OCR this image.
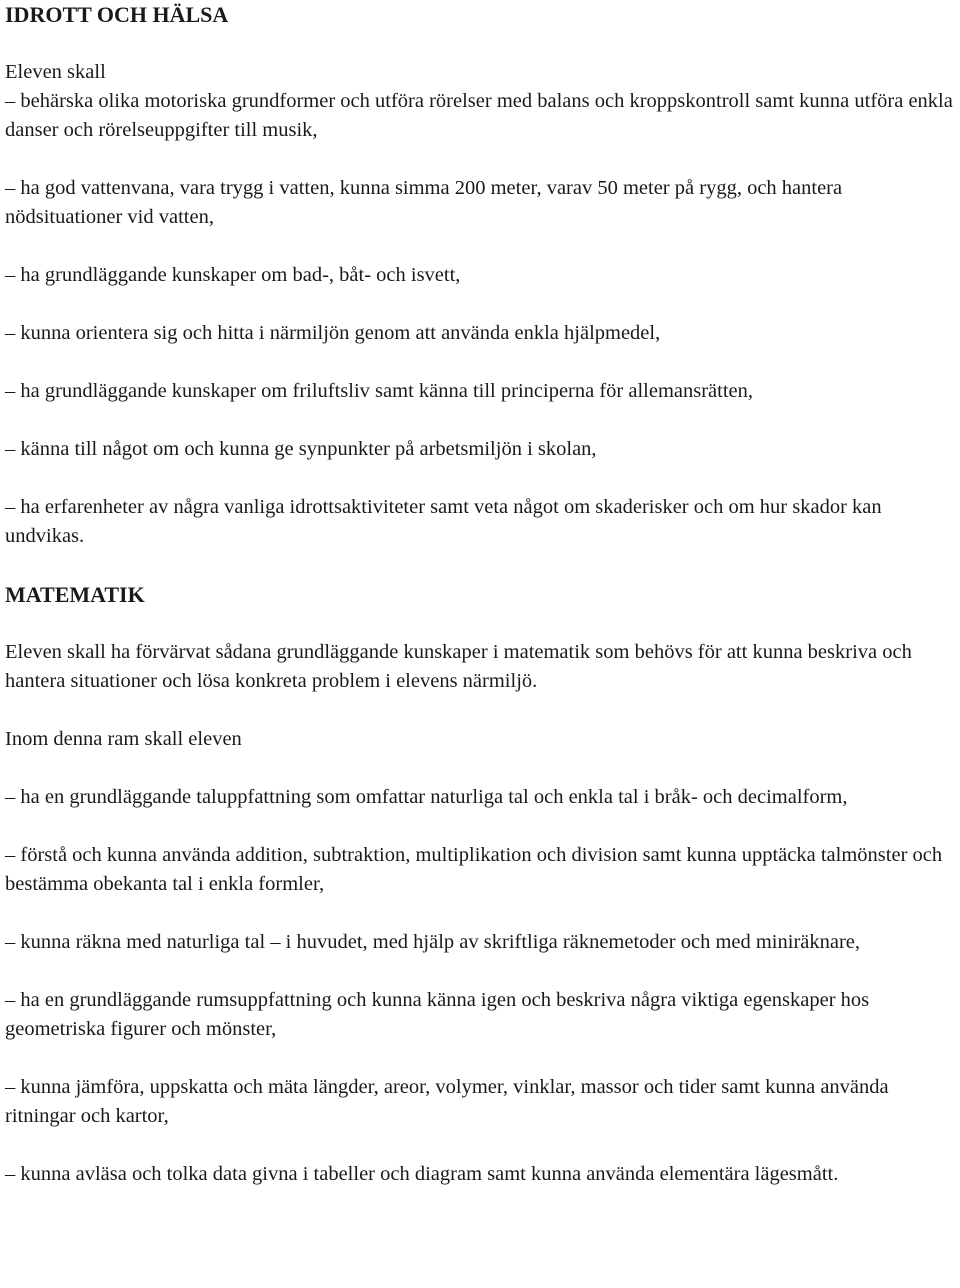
IDROTT OCH HÄLSA

Eleven skall

– behärska olika motoriska grundformer och utföra rörelser med balans och kroppskontroll samt kunna utföra enkla danser och rörelseuppgifter till musik,

– ha god vattenvana, vara trygg i vatten, kunna simma 200 meter, varav 50 meter på rygg, och hantera nödsituationer vid vatten,

– ha grundläggande kunskaper om bad-, båt- och isvett,

– kunna orientera sig och hitta i närmiljön genom att använda enkla hjälpmedel,

– ha grundläggande kunskaper om friluftsliv samt känna till principerna för allemansrätten,

– känna till något om och kunna ge synpunkter på arbetsmiljön i skolan,

– ha erfarenheter av några vanliga idrottsaktiviteter samt veta något om skaderisker och om hur skador kan undvikas.

MATEMATIK

Eleven skall ha förvärvat sådana grundläggande kunskaper i matematik som behövs för att kunna beskriva och hantera situationer och lösa konkreta problem i elevens närmiljö.

Inom denna ram skall eleven

– ha en grundläggande taluppfattning som omfattar naturliga tal och enkla tal i bråk- och decimalform,

– förstå och kunna använda addition, subtraktion, multiplikation och division samt kunna upptäcka talmönster och bestämma obekanta tal i enkla formler,

– kunna räkna med naturliga tal – i huvudet, med hjälp av skriftliga räknemetoder och med miniräknare,

– ha en grundläggande rumsuppfattning och kunna känna igen och beskriva några viktiga egenskaper hos geometriska figurer och mönster,

– kunna jämföra, uppskatta och mäta längder, areor, volymer, vinklar, massor och tider samt kunna använda ritningar och kartor,

– kunna avläsa och tolka data givna i tabeller och diagram samt kunna använda elementära lägesmått.
